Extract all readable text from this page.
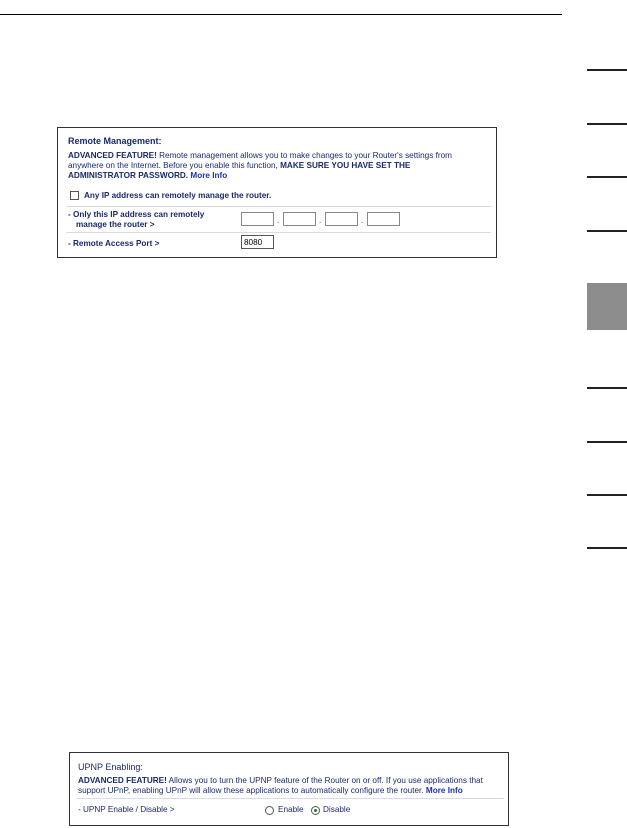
Remote Management:
ADVANCED FEATURE! Remote management allows you to make changes to your Router's settings from
anywhere on the Internet. Before you enable this function, MAKE SURE YOU HAVE SET THE
ADMINISTRATOR PASSWORD. More Info
Any IP address can remotely manage the router.
- Only this IP address can remotely
manage the router >	.	.	.
- Remote Access Port >	8080
UPNP Enabling:
ADVANCED FEATURE! Allows you to turn the UPNP feature of the Router on or off. If you use applications that
support UPnP, enabling UPnP will allow these applications to automatically configure the router. More Info
- UPNP Enable / Disable >	Enable Disable
